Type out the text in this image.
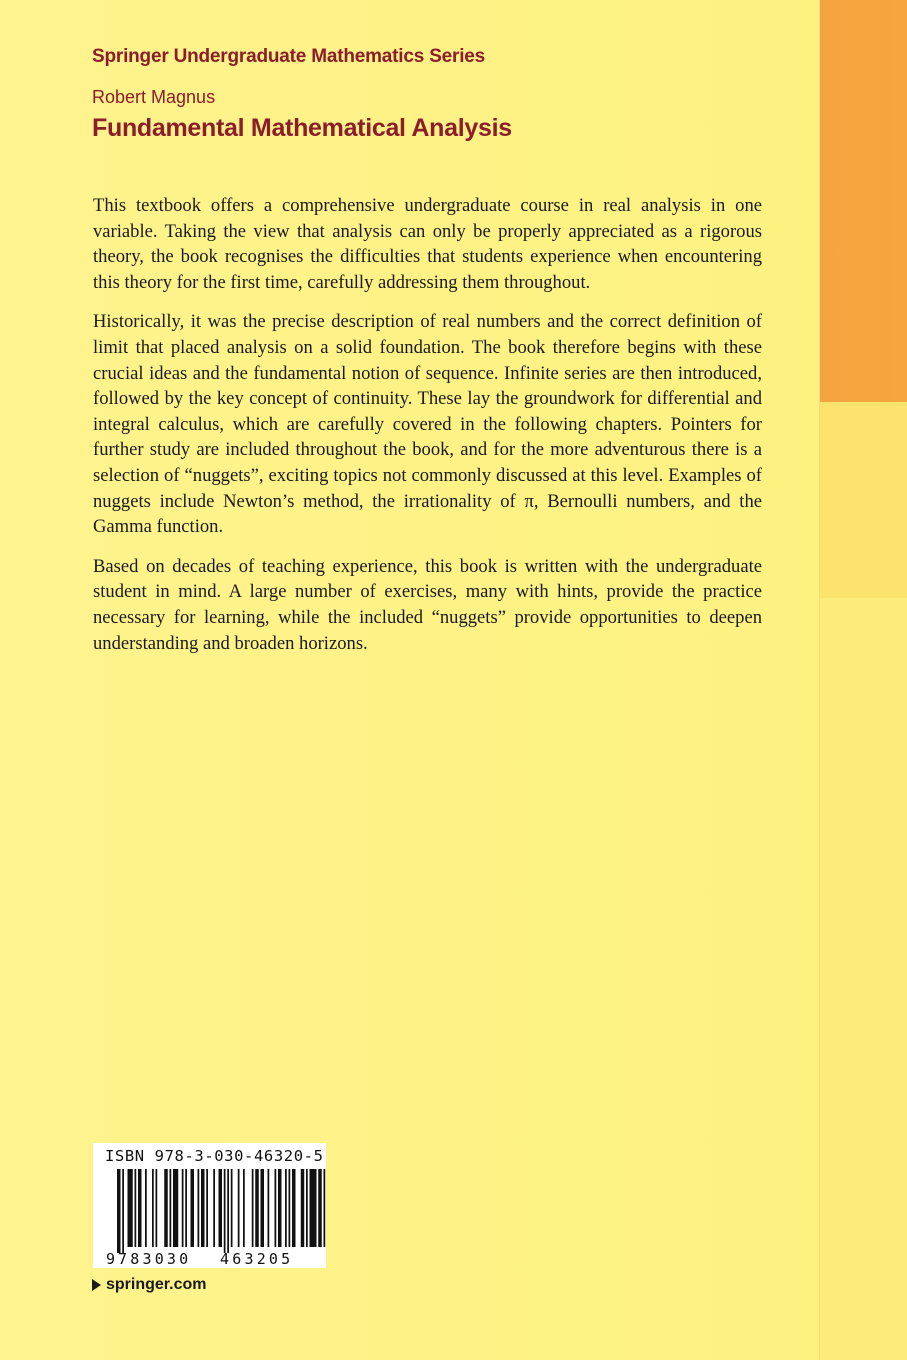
Springer Undergraduate Mathematics Series
Robert Magnus
Fundamental Mathematical Analysis

This textbook offers a comprehensive undergraduate course in real analysis in one variable. Taking the view that analysis can only be properly appreciated as a rigorous theory, the book recognises the difficulties that students experience when encountering this theory for the first time, carefully addressing them throughout.

Historically, it was the precise description of real numbers and the correct definition of limit that placed analysis on a solid foundation. The book therefore begins with these crucial ideas and the fundamental notion of sequence. Infinite series are then introduced, followed by the key concept of continuity. These lay the groundwork for differential and integral calculus, which are carefully covered in the following chapters. Pointers for further study are included throughout the book, and for the more adventurous there is a selection of “nuggets”, exciting topics not commonly discussed at this level. Examples of nuggets include Newton’s method, the irrationality of π, Bernoulli numbers, and the Gamma function.

Based on decades of teaching experience, this book is written with the undergraduate student in mind. A large number of exercises, many with hints, provide the practice necessary for learning, while the included “nuggets” provide opportunities to deepen understanding and broaden horizons.

ISBN 978-3-030-46320-5
9 783030 463205
springer.com
